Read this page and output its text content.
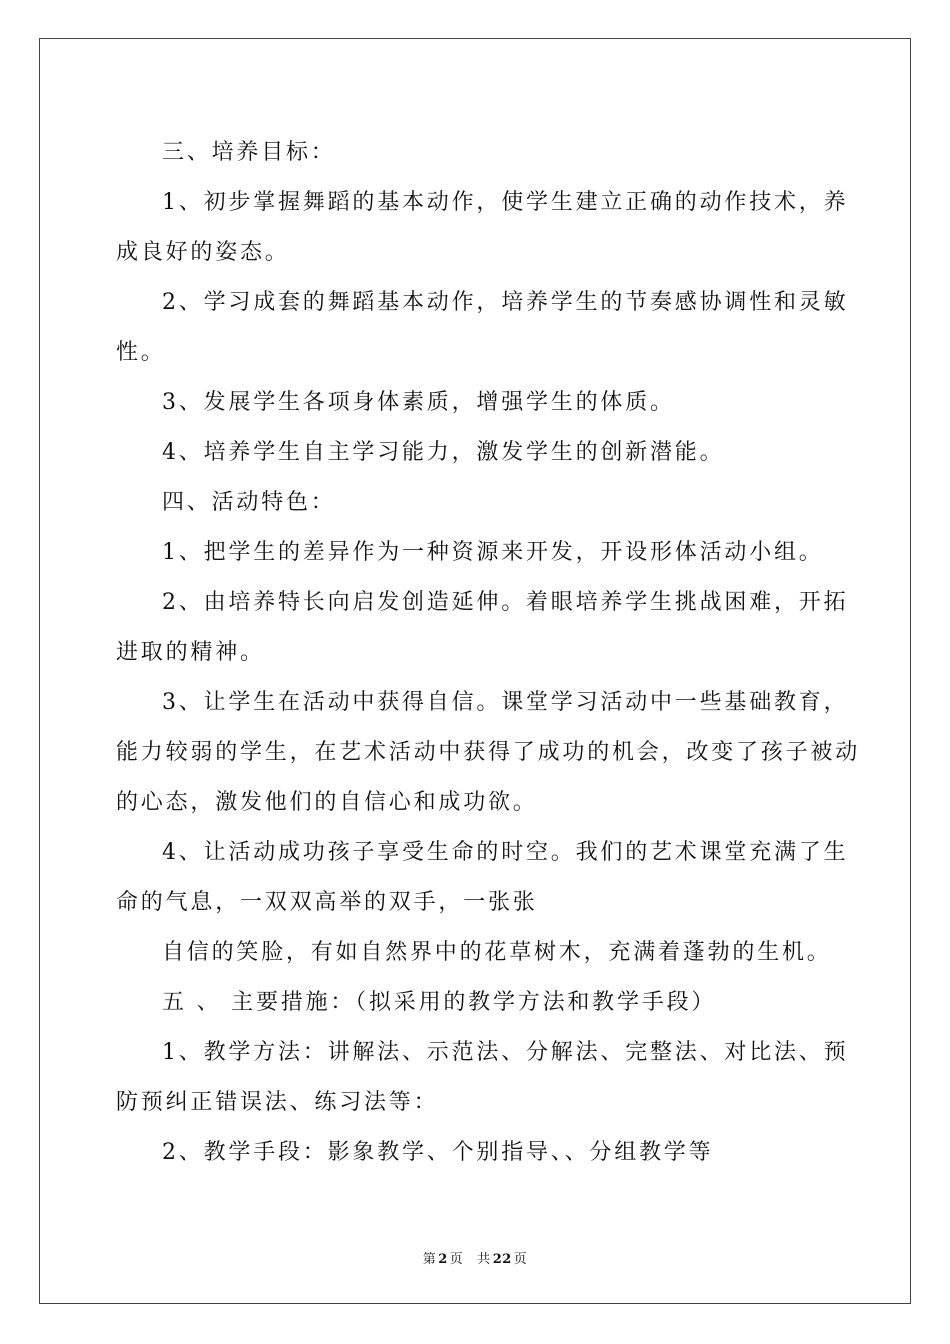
三、培养目标：
1、初步掌握舞蹈的基本动作，使学生建立正确的动作技术，养
成良好的姿态。
2、学习成套的舞蹈基本动作，培养学生的节奏感协调性和灵敏
性。
3、发展学生各项身体素质，增强学生的体质。
4、培养学生自主学习能力，激发学生的创新潜能。
四、活动特色：
1、把学生的差异作为一种资源来开发，开设形体活动小组。
2、由培养特长向启发创造延伸。着眼培养学生挑战困难，开拓
进取的精神。
3、让学生在活动中获得自信。课堂学习活动中一些基础教育，
能力较弱的学生，在艺术活动中获得了成功的机会，改变了孩子被动
的心态，激发他们的自信心和成功欲。
4、让活动成功孩子享受生命的时空。我们的艺术课堂充满了生
命的气息，一双双高举的双手，一张张
自信的笑脸，有如自然界中的花草树木，充满着蓬勃的生机。
五 、 主要措施：（拟采用的教学方法和教学手段）
1、教学方法：讲解法、示范法、分解法、完整法、对比法、预
防预纠正错误法、练习法等：
2、教学手段：影象教学、个别指导、、分组教学等
第 2 页 共 22 页
